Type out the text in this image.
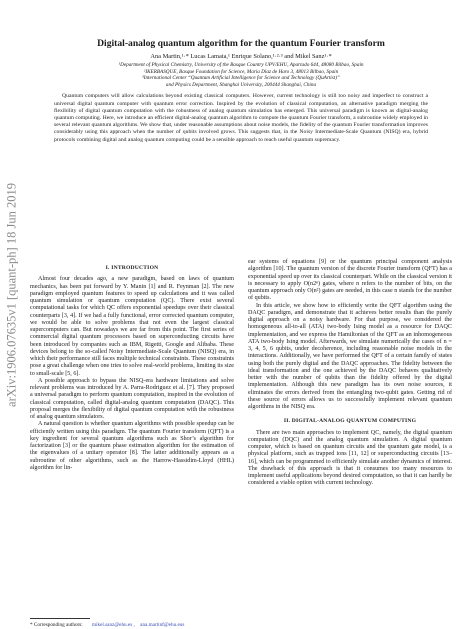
arXiv:1906.07635v1 [quant-ph] 18 Jun 2019
Digital-analog quantum algorithm for the quantum Fourier transform
Ana Martin,¹·* Lucas Lamata,¹ Enrique Solano,¹·²·³ and Mikel Sanz¹·*
¹Department of Physical Chemistry, University of the Basque Country UPV/EHU, Apartado 644, 48080 Bilbao, Spain
²IKERBASQUE, Basque Foundation for Science, Maria Diaz de Haro 3, 48013 Bilbao, Spain
³International Center “Quantum Artificial Intelligence for Science and Technology (QuArtist)”
and Physics Department, Shanghai University, 200444 Shanghai, China

Quantum computers will allow calculations beyond existing classical computers. However, current technology is still too noisy and imperfect to construct a universal digital quantum computer with quantum error correction. Inspired by the evolution of classical computation, an alternative paradigm merging the flexibility of digital quantum computation with the robustness of analog quantum simulation has emerged. This universal paradigm is known as digital-analog quantum computing. Here, we introduce an efficient digital-analog quantum algorithm to compute the quantum Fourier transform, a subroutine widely employed in several relevant quantum algorithms. We show that, under reasonable assumptions about noise models, the fidelity of the quantum Fourier transformation improves considerably using this approach when the number of qubits involved grows. This suggests that, in the Noisy Intermediate-Scale Quantum (NISQ) era, hybrid protocols combining digital and analog quantum computing could be a sensible approach to reach useful quantum supremacy.

I. INTRODUCTION

Almost four decades ago, a new paradigm, based on laws of quantum mechanics, has been put forward by Y. Manin [1] and R. Feynman [2]. The new paradigm employed quantum features to speed up calculations and it was called quantum simulation or quantum computation (QC). There exist several computational tasks for which QC offers exponential speedups over their classical counterparts [3, 4]. If we had a fully functional, error corrected quantum computer, we would be able to solve problems that not even the largest classical supercomputers can. But nowadays we are far from this point. The first series of commercial digital quantum processors based on superconducting circuits have been introduced by companies such as IBM, Rigetti, Google and Alibaba. These devices belong to the so-called Noisy Intermediate-Scale Quantum (NISQ) era, in which their performance still faces multiple technical constraints. These constraints pose a great challenge when one tries to solve real-world problems, limiting its size to small-scale [5, 6].

A possible approach to bypass the NISQ-era hardware limitations and solve relevant problems was introduced by A. Parra-Rodriguez et al. [7]. They proposed a universal paradigm to perform quantum computation, inspired in the evolution of classical computation, called digital-analog quantum computation (DAQC). This proposal merges the flexibility of digital quantum computation with the robustness of analog quantum simulators.

A natural question is whether quantum algorithms with possible speedup can be efficiently written using this paradigm. The quantum Fourier transform (QFT) is a key ingredient for several quantum algorithms such as Shor’s algorithm for factorization [3] or the quantum phase estimation algorithm for the estimation of the eigenvalues of a unitary operator [8]. The latter additionally appears as a subroutine of other algorithms, such as the Harrow-Hassidim-Lloyd (HHL) algorithm for lin-

ear systems of equations [9] or the quantum principal component analysis algorithm [10]. The quantum version of the discrete Fourier transform (QFT) has a exponential speed up over its classical counterpart. While on the classical version it is necessary to apply O(n2ⁿ) gates, where n refers to the number of bits, on the quantum approach only O(n²) gates are needed, in this case n stands for the number of qubits.

In this article, we show how to efficiently write the QFT algorithm using the DAQC paradigm, and demonstrate that it achieves better results than the purely digital approach on a noisy hardware. For that purpose, we considered the homogeneous all-to-all (ATA) two-body Ising model as a resource for DAQC implementation, and we express the Hamiltonian of the QFT as an inhomogeneous ATA two-body Ising model. Afterwards, we simulate numerically the cases of n = 3, 4, 5, 6 qubits, under decoherence, including reasonable noise models in the interactions. Additionally, we have performed the QFT of a certain family of states using both the purely digital and the DAQC approaches. The fidelity between the ideal transformation and the one achieved by the DAQC behaves qualitatively better with the number of qubits than the fidelity offered by the digital implementation. Although this new paradigm has its own noise sources, it eliminates the errors derived from the entangling two-qubit gates. Getting rid of these source of errors allows us to successfully implement relevant quantum algorithms in the NISQ era.

II. DIGITAL-ANALOG QUANTUM COMPUTING

There are two main approaches to implement QC, namely, the digital quantum computation (DQC) and the analog quantum simulation. A digital quantum computer, which is based on quantum circuits and the quantum gate model, is a physical platform, such as trapped ions [11, 12] or superconducting circuits [13–16], which can be programmed to efficiently simulate another dynamics of interest. The drawback of this approach is that it consumes too many resources to implement useful applications beyond desired computation, so that it can hardly be considered a viable option with current technology.

* Corresponding authors: mikel.sanz@ehu.es , ana.martinf@ehu.eus
